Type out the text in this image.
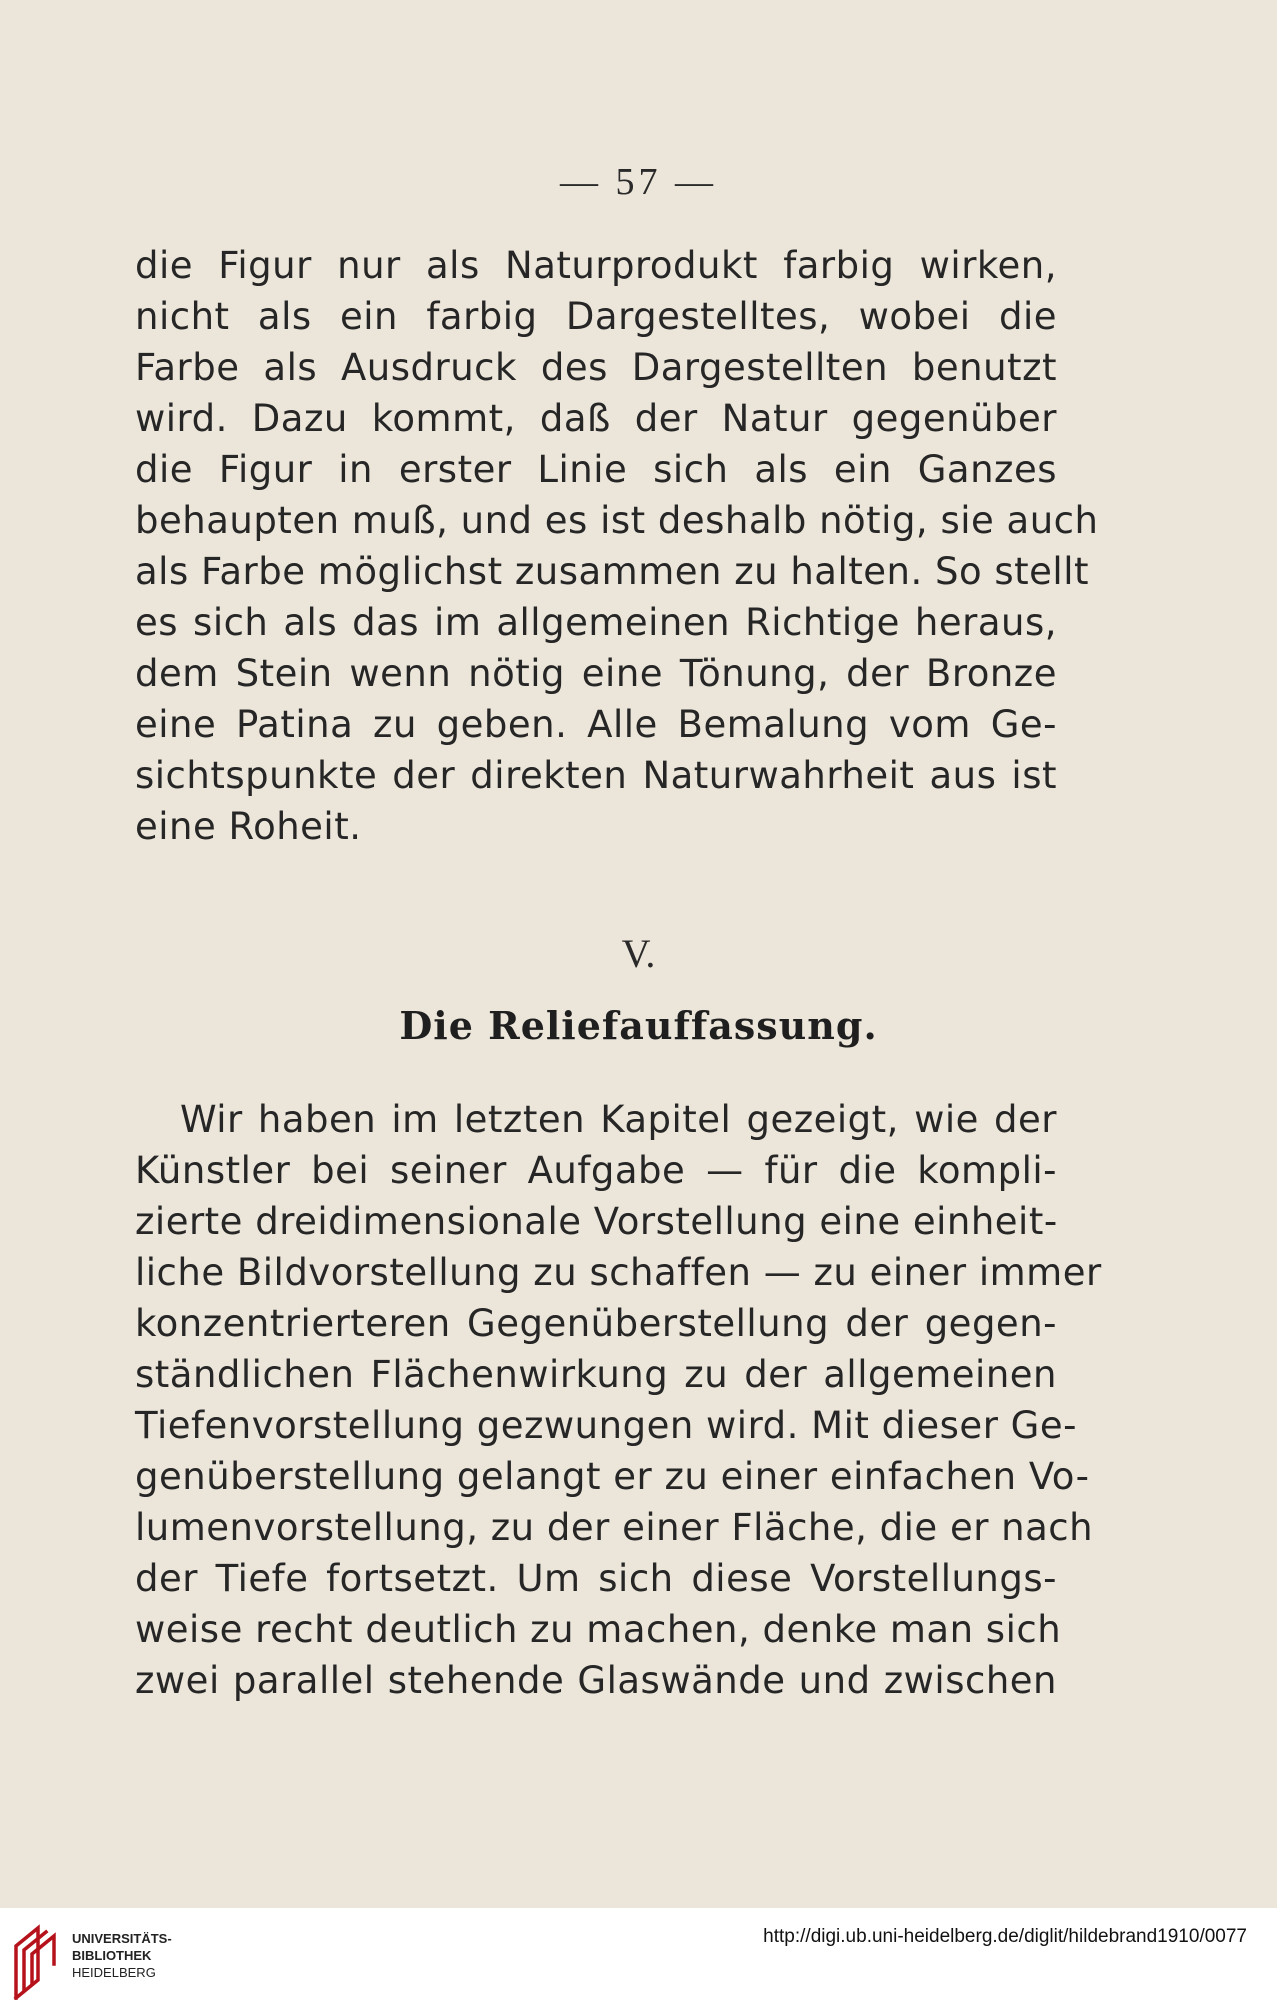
— 57 —
die Figur nur als Naturprodukt farbig wirken,
nicht als ein farbig Dargestelltes, wobei die
Farbe als Ausdruck des Dargestellten benutzt
wird. Dazu kommt, daß der Natur gegenüber
die Figur in erster Linie sich als ein Ganzes
behaupten muß, und es ist deshalb nötig, sie auch
als Farbe möglichst zusammen zu halten. So stellt
es sich als das im allgemeinen Richtige heraus,
dem Stein wenn nötig eine Tönung, der Bronze
eine Patina zu geben. Alle Bemalung vom Ge-
sichtspunkte der direkten Naturwahrheit aus ist
eine Roheit.
V.
Die Reliefauffassung.
Wir haben im letzten Kapitel gezeigt, wie der
Künstler bei seiner Aufgabe — für die kompli-
zierte dreidimensionale Vorstellung eine einheit-
liche Bildvorstellung zu schaffen — zu einer immer
konzentrierteren Gegenüberstellung der gegen-
ständlichen Flächenwirkung zu der allgemeinen
Tiefenvorstellung gezwungen wird. Mit dieser Ge-
genüberstellung gelangt er zu einer einfachen Vo-
lumenvorstellung, zu der einer Fläche, die er nach
der Tiefe fortsetzt. Um sich diese Vorstellungs-
weise recht deutlich zu machen, denke man sich
zwei parallel stehende Glaswände und zwischen
UNIVERSITÄTS-
BIBLIOTHEK
HEIDELBERG
http://digi.ub.uni-heidelberg.de/diglit/hildebrand1910/0077
